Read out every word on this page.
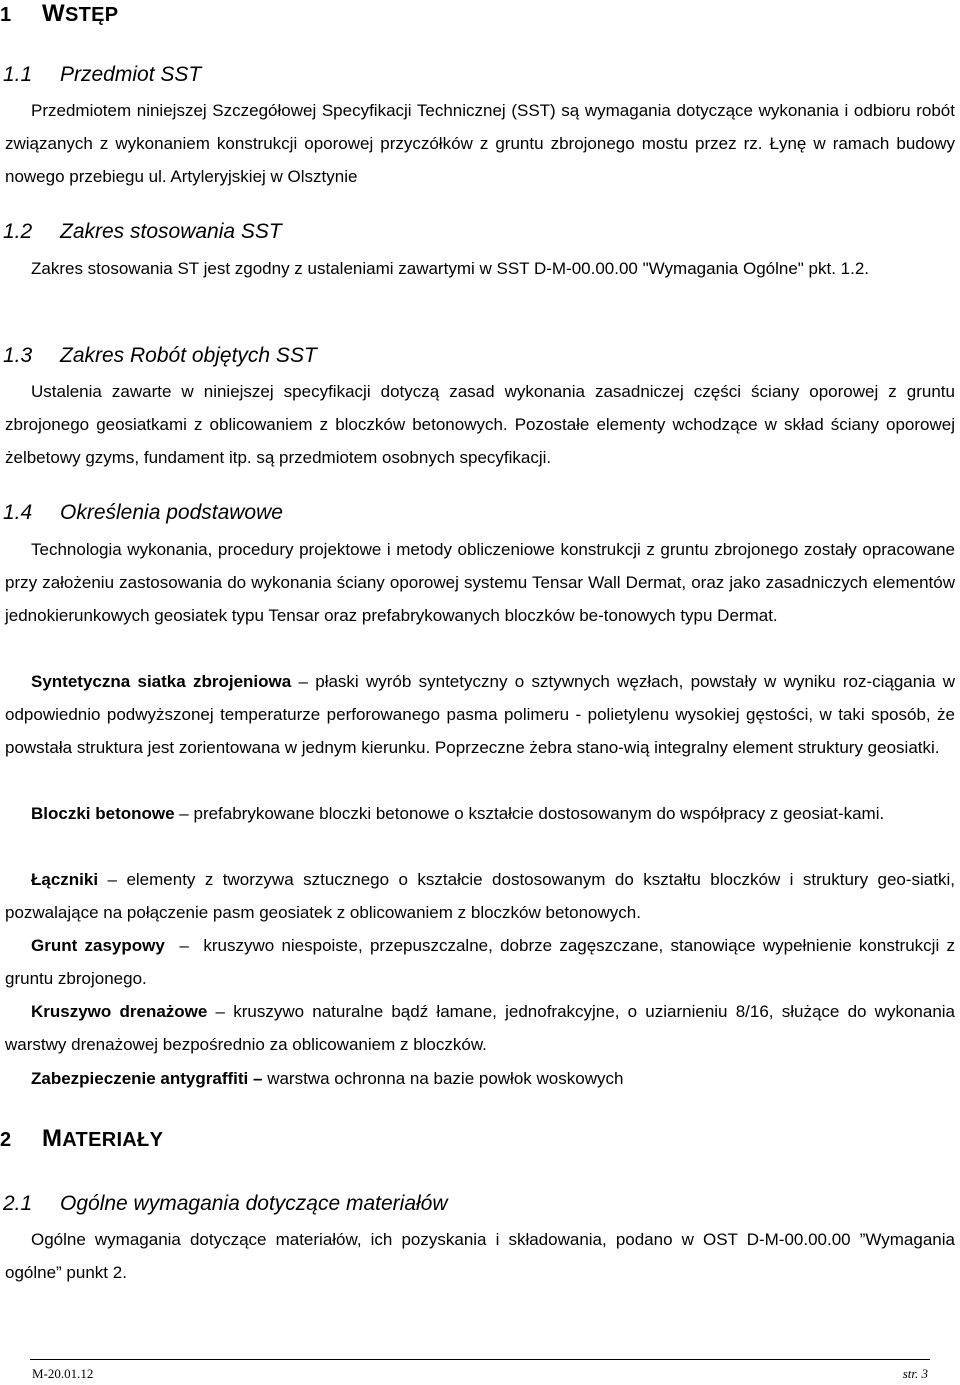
1 WSTĘP
1.1 Przedmiot SST
Przedmiotem niniejszej Szczegółowej Specyfikacji Technicznej (SST) są wymagania dotyczące wykonania i odbioru robót związanych z wykonaniem konstrukcji oporowej przyczółków z gruntu zbrojonego mostu przez rz. Łynę w ramach budowy nowego przebiegu ul. Artyleryjskiej w Olsztynie
1.2 Zakres stosowania SST
Zakres stosowania ST jest zgodny z ustaleniami zawartymi w SST D-M-00.00.00 "Wymagania Ogólne" pkt. 1.2.
1.3 Zakres Robót objętych SST
Ustalenia zawarte w niniejszej specyfikacji dotyczą zasad wykonania zasadniczej części ściany oporowej z gruntu zbrojonego geosiatkami z oblicowaniem z bloczków betonowych. Pozostałe elementy wchodzące w skład ściany oporowej żelbetowy gzyms, fundament itp. są przedmiotem osobnych specyfikacji.
1.4 Określenia podstawowe
Technologia wykonania, procedury projektowe i metody obliczeniowe konstrukcji z gruntu zbrojonego zostały opracowane przy założeniu zastosowania do wykonania ściany oporowej systemu Tensar Wall Dermat, oraz jako zasadniczych elementów jednokierunkowych geosiatek typu Tensar oraz prefabrykowanych bloczków be-tonowych typu Dermat.
Syntetyczna siatka zbrojeniowa – płaski wyrób syntetyczny o sztywnych węzłach, powstały w wyniku roz-ciągania w odpowiednio podwyższonej temperaturze perforowanego pasma polimeru - polietylenu wysokiej gęstości, w taki sposób, że powstała struktura jest zorientowana w jednym kierunku. Poprzeczne żebra stano-wią integralny element struktury geosiatki.
Bloczki betonowe – prefabrykowane bloczki betonowe o kształcie dostosowanym do współpracy z geosiat-kami.
Łączniki – elementy z tworzywa sztucznego o kształcie dostosowanym do kształtu bloczków i struktury geo-siatki, pozwalające na połączenie pasm geosiatek z oblicowaniem z bloczków betonowych.
Grunt zasypowy  –  kruszywo niespoiste, przepuszczalne, dobrze zagęszczane, stanowiące wypełnienie konstrukcji z gruntu zbrojonego.
Kruszywo drenażowe – kruszywo naturalne bądź łamane, jednofrakcyjne, o uziarnieniu 8/16, służące do wykonania warstwy drenażowej bezpośrednio za oblicowaniem z bloczków.
Zabezpieczenie antygraffiti – warstwa ochronna na bazie powłok woskowych
2 MATERIAŁY
2.1 Ogólne wymagania dotyczące materiałów
Ogólne wymagania dotyczące materiałów, ich pozyskania i składowania, podano w OST D-M-00.00.00 ”Wymagania ogólne” punkt 2.
M-20.01.12	str. 3
